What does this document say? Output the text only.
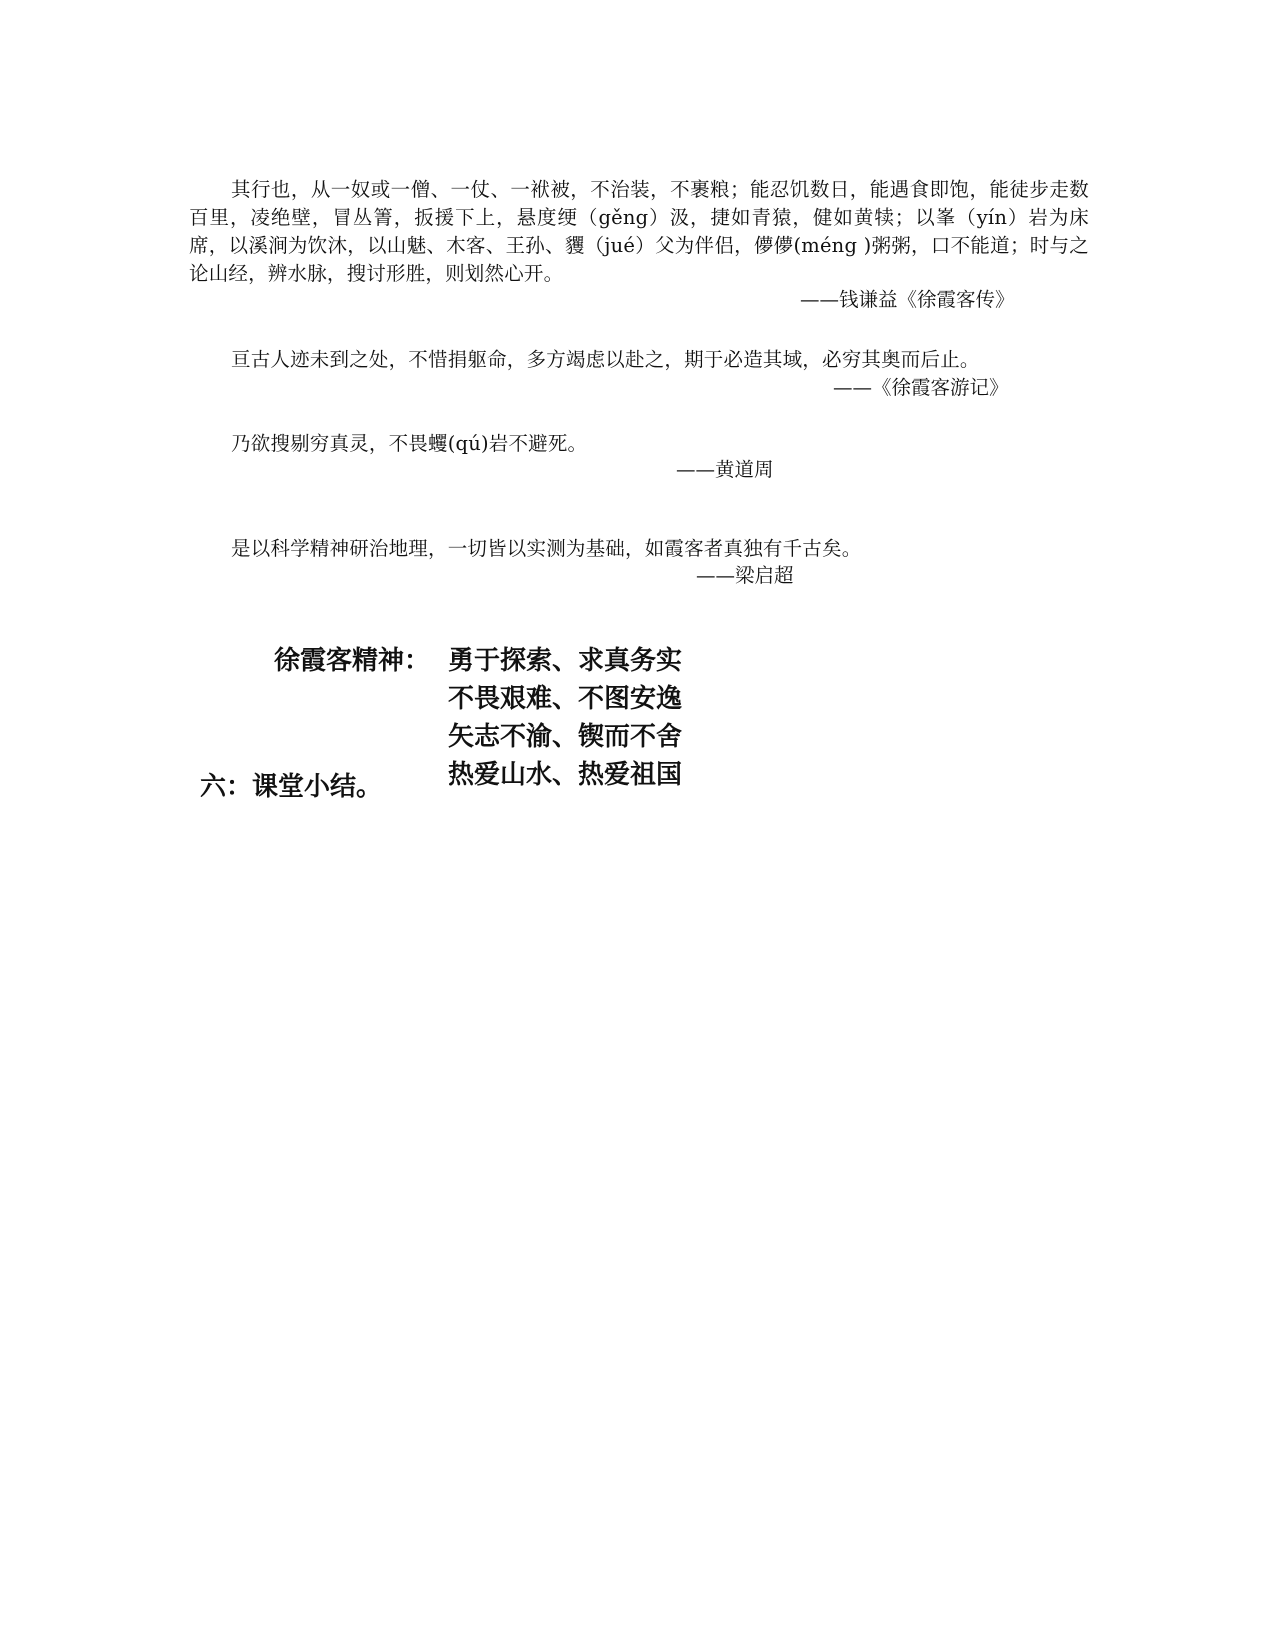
其行也，从一奴或一僧、一仗、一袱被，不治装，不裹粮；能忍饥数日，能遇食即饱，能徒步走数百里，凌绝壁，冒丛箐，扳援下上，悬度绠（gěng）汲，捷如青猿，健如黄犊；以峯（yín）岩为床席，以溪涧为饮沐，以山魅、木客、王孙、貜（jué）父为伴侣，儚儚(méng )粥粥，口不能道；时与之论山经，辨水脉，搜讨形胜，则划然心开。

——钱谦益《徐霞客传》

亘古人迹未到之处，不惜捐躯命，多方竭虑以赴之，期于必造其域，必穷其奥而后止。

——《徐霞客游记》

乃欲搜剔穷真灵，不畏蠼(qú)岩不避死。

——黄道周

是以科学精神研治地理，一切皆以实测为基础，如霞客者真独有千古矣。

——梁启超

徐霞客精神： 勇于探索、求真务实
不畏艰难、不图安逸
矢志不渝、锲而不舍
热爱山水、热爱祖国
六：课堂小结。
